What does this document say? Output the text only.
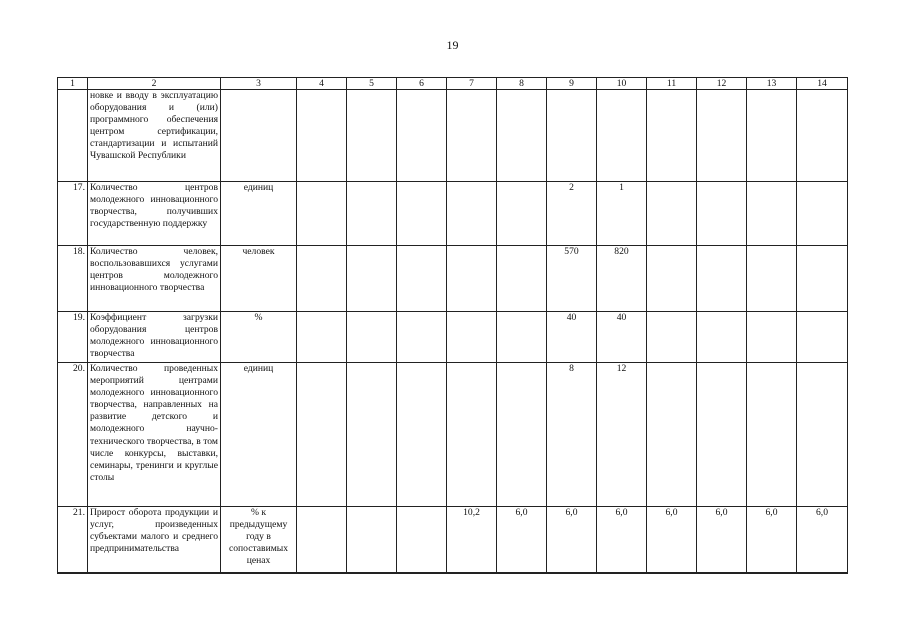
19
1	2	3	4	5	6	7	8	9	10	11	12	13	14
	новке и вводу в эксплуатацию оборудования и (или) программного обеспечения центром сертификации, стандартизации и испытаний Чувашской Республики												
17.	Количество центров молодежного инновационного творчества, получивших государственную поддержку	единиц						2	1				
18.	Количество человек, воспользовавшихся услугами центров молодежного инновационного творчества	человек						570	820				
19.	Коэффициент загрузки оборудования центров молодежного инновационного творчества	%						40	40				
20.	Количество проведенных мероприятий центрами молодежного инновационного творчества, направленных на развитие детского и молодежного научно-технического творчества, в том числе конкурсы, выставки, семинары, тренинги и круглые столы	единиц						8	12				
21.	Прирост оборота продукции и услуг, произведенных субъектами малого и среднего предпринимательства	% к предыдущему году в сопоставимых ценах				10,2	6,0	6,0	6,0	6,0	6,0	6,0	6,0
